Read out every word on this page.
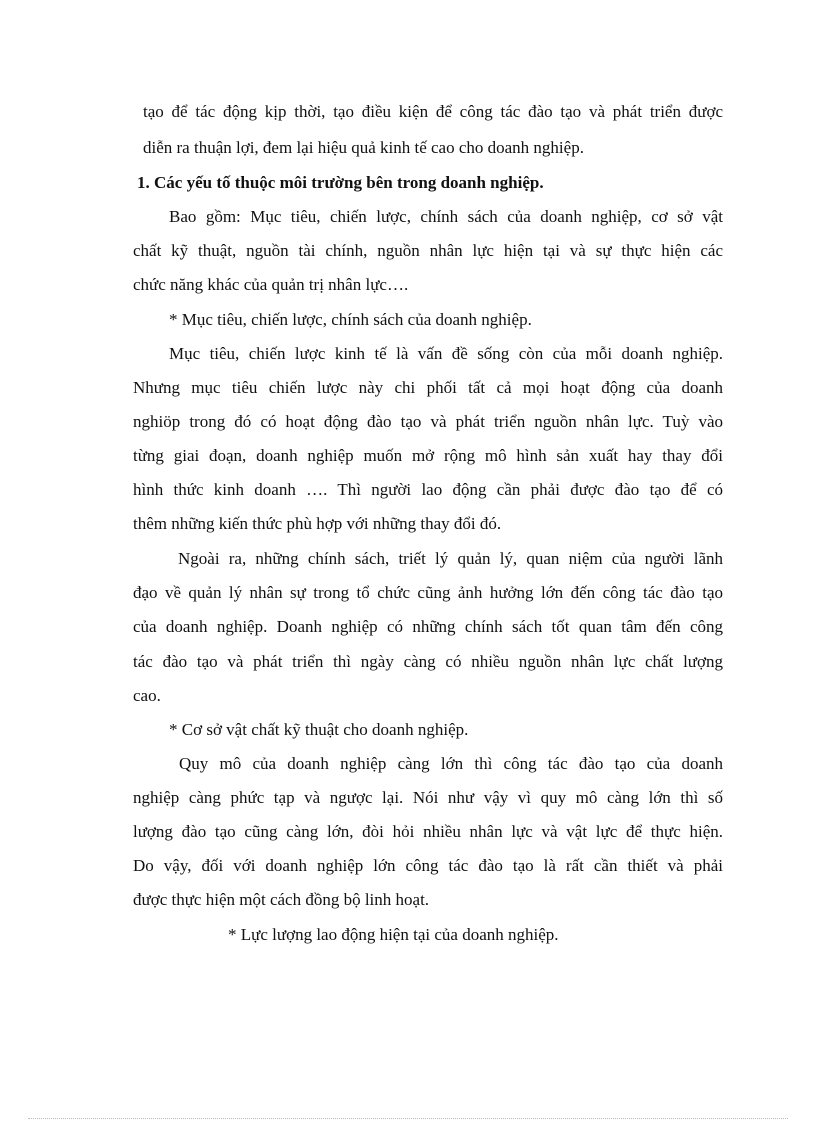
tạo để tác động kịp thời, tạo điều kiện để công tác đào tạo và phát triển được
diễn ra thuận lợi, đem lại hiệu quả kinh tế cao cho doanh nghiệp.
1. Các yếu tố thuộc môi trường bên trong doanh nghiệp.
Bao gồm: Mục tiêu, chiến lược, chính sách của doanh nghiệp, cơ sở vật
chất kỹ thuật, nguồn tài chính, nguồn nhân lực hiện tại và sự thực hiện các
chức năng khác của quản trị nhân lực….
* Mục tiêu, chiến lược, chính sách của doanh nghiệp.
Mục tiêu, chiến lược kinh tế là vấn đề sống còn của mỗi doanh nghiệp.
Nhưng mục tiêu chiến lược này chi phối tất cả mọi hoạt động của doanh
nghiöp trong đó có hoạt động đào tạo và phát triển nguồn nhân lực. Tuỳ vào
từng giai đoạn, doanh nghiệp muốn mở rộng mô hình sản xuất hay thay đổi
hình thức kinh doanh …. Thì người lao động cần phải được đào tạo để có
thêm những kiến thức phù hợp với những thay đổi đó.
Ngoài ra, những chính sách, triết lý quản lý, quan niệm của người lãnh
đạo về quản lý nhân sự trong tổ chức cũng ảnh hưởng lớn đến công tác đào tạo
của doanh nghiệp. Doanh nghiệp có những chính sách tốt quan tâm đến công
tác đào tạo và phát triển thì ngày càng có nhiều nguồn nhân lực chất lượng
cao.
* Cơ sở vật chất kỹ thuật cho doanh nghiệp.
Quy mô của doanh nghiệp càng lớn thì công tác đào tạo của doanh
nghiệp càng phức tạp và ngược lại. Nói như vậy vì quy mô càng lớn thì số
lượng đào tạo cũng càng lớn, đòi hỏi nhiều nhân lực và vật lực để thực hiện.
Do vậy, đối với doanh nghiệp lớn công tác đào tạo là rất cần thiết và phải
được thực hiện một cách đồng bộ linh hoạt.
* Lực lượng lao động hiện tại của doanh nghiệp.
